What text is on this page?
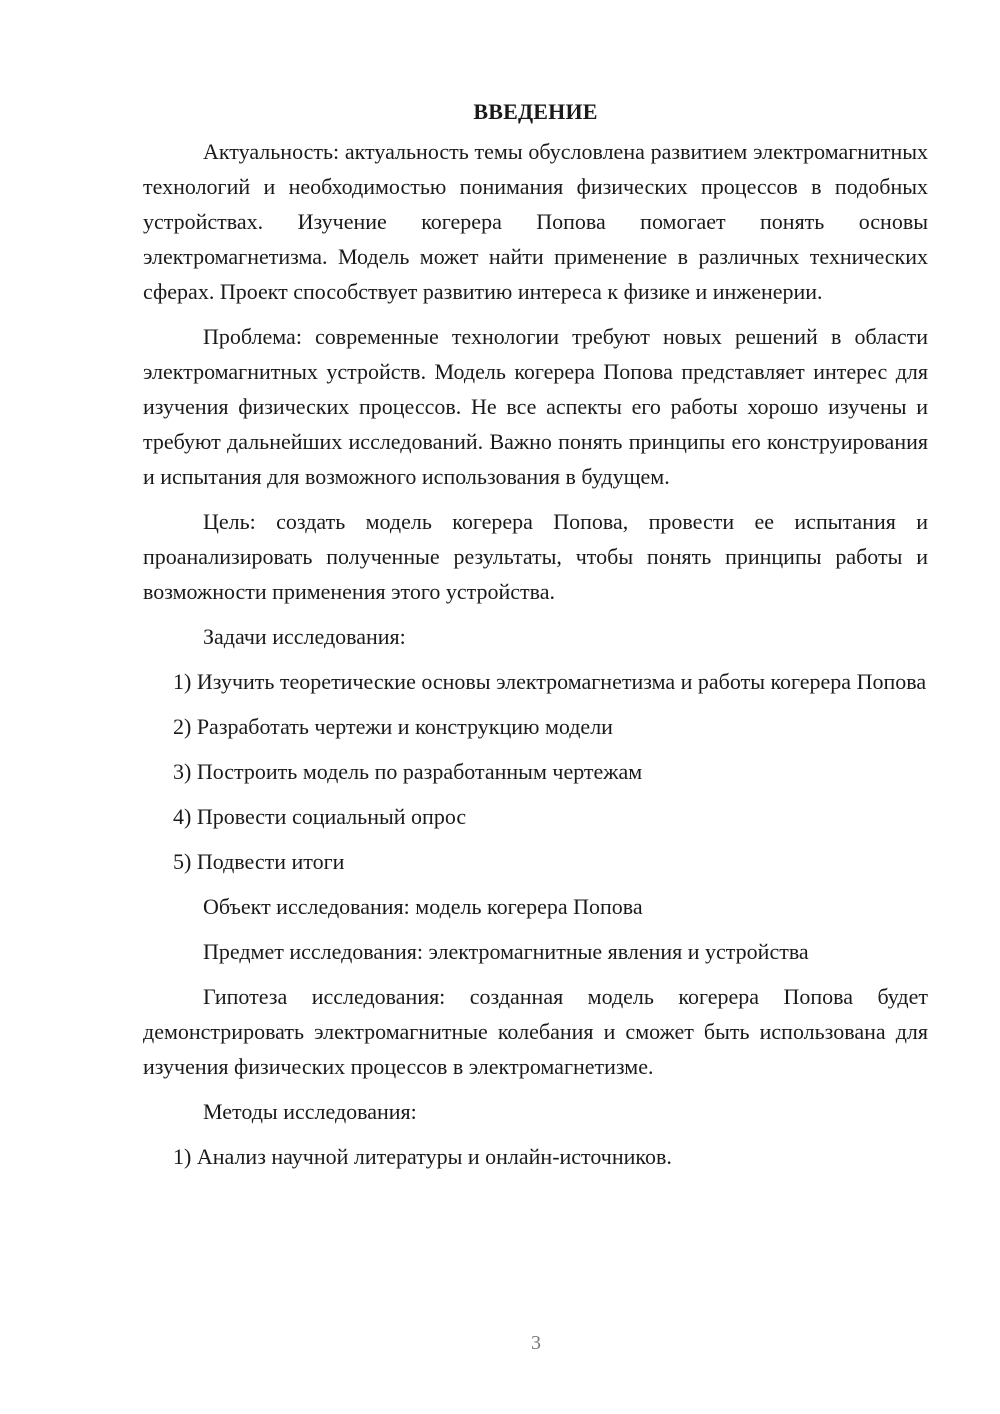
ВВЕДЕНИЕ

Актуальность: актуальность темы обусловлена развитием электромагнитных технологий и необходимостью понимания физических процессов в подобных устройствах. Изучение когерера Попова помогает понять основы электромагнетизма. Модель может найти применение в различных технических сферах. Проект способствует развитию интереса к физике и инженерии.

Проблема: современные технологии требуют новых решений в области электромагнитных устройств. Модель когерера Попова представляет интерес для изучения физических процессов. Не все аспекты его работы хорошо изучены и требуют дальнейших исследований. Важно понять принципы его конструирования и испытания для возможного использования в будущем.

Цель: создать модель когерера Попова, провести ее испытания и проанализировать полученные результаты, чтобы понять принципы работы и возможности применения этого устройства.

Задачи исследования:

1) Изучить теоретические основы электромагнетизма и работы когерера Попова

2) Разработать чертежи и конструкцию модели

3) Построить модель по разработанным чертежам

4) Провести социальный опрос

5) Подвести итоги

Объект исследования: модель когерера Попова

Предмет исследования: электромагнитные явления и устройства

Гипотеза исследования: созданная модель когерера Попова будет демонстрировать электромагнитные колебания и сможет быть использована для изучения физических процессов в электромагнетизме.

Методы исследования:

1) Анализ научной литературы и онлайн-источников.

3
